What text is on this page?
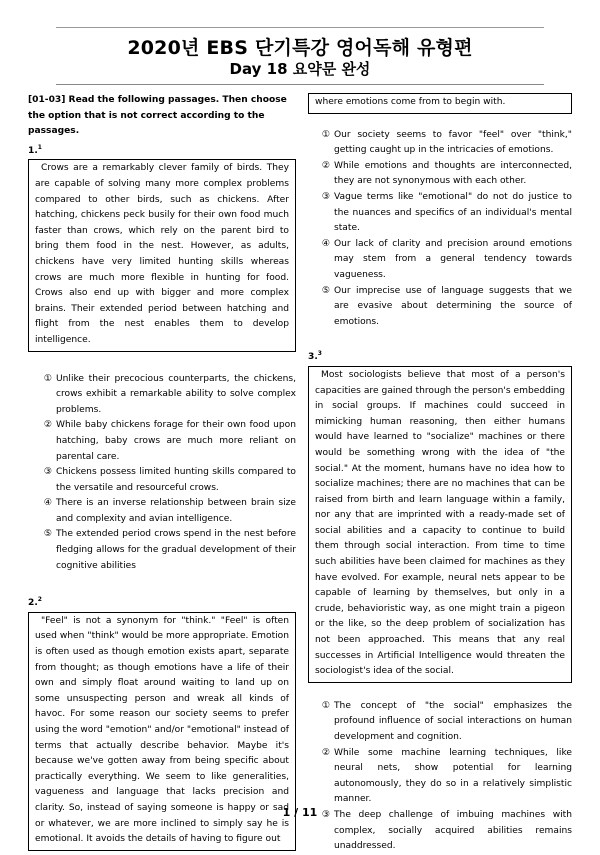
2020년 EBS 단기특강 영어독해 유형편
Day 18 요약문 완성
[01-03] Read the following passages. Then choose the option that is not correct according to the passages.
1.$^1$
Crows are a remarkably clever family of birds. They are capable of solving many more complex problems compared to other birds, such as chickens. After hatching, chickens peck busily for their own food much faster than crows, which rely on the parent bird to bring them food in the nest. However, as adults, chickens have very limited hunting skills whereas crows are much more flexible in hunting for food. Crows also end up with bigger and more complex brains. Their extended period between hatching and flight from the nest enables them to develop intelligence.
① Unlike their precocious counterparts, the chickens, crows exhibit a remarkable ability to solve complex problems.
② While baby chickens forage for their own food upon hatching, baby crows are much more reliant on parental care.
③ Chickens possess limited hunting skills compared to the versatile and resourceful crows.
④ There is an inverse relationship between brain size and complexity and avian intelligence.
⑤ The extended period crows spend in the nest before fledging allows for the gradual development of their cognitive abilities
2.$^2$
"Feel" is not a synonym for "think." "Feel" is often used when "think" would be more appropriate. Emotion is often used as though emotion exists apart, separate from thought; as though emotions have a life of their own and simply float around waiting to land up on some unsuspecting person and wreak all kinds of havoc. For some reason our society seems to prefer using the word "emotion" and/or "emotional" instead of terms that actually describe behavior. Maybe it's because we've gotten away from being specific about practically everything. We seem to like generalities, vagueness and language that lacks precision and clarity. So, instead of saying someone is happy or sad or whatever, we are more inclined to simply say he is emotional. It avoids the details of having to figure out
where emotions come from to begin with.
① Our society seems to favor "feel" over "think," getting caught up in the intricacies of emotions.
② While emotions and thoughts are interconnected, they are not synonymous with each other.
③ Vague terms like "emotional" do not do justice to the nuances and specifics of an individual's mental state.
④ Our lack of clarity and precision around emotions may stem from a general tendency towards vagueness.
⑤ Our imprecise use of language suggests that we are evasive about determining the source of emotions.
3.$^3$
Most sociologists believe that most of a person's capacities are gained through the person's embedding in social groups. If machines could succeed in mimicking human reasoning, then either humans would have learned to "socialize" machines or there would be something wrong with the idea of "the social." At the moment, humans have no idea how to socialize machines; there are no machines that can be raised from birth and learn language within a family, nor any that are imprinted with a ready-made set of social abilities and a capacity to continue to build them through social interaction. From time to time such abilities have been claimed for machines as they have evolved. For example, neural nets appear to be capable of learning by themselves, but only in a crude, behavioristic way, as one might train a pigeon or the like, so the deep problem of socialization has not been approached. This means that any real successes in Artificial Intelligence would threaten the sociologist's idea of the social.
① The concept of "the social" emphasizes the profound influence of social interactions on human development and cognition.
② While some machine learning techniques, like neural nets, show potential for learning autonomously, they do so in a relatively simplistic manner.
③ The deep challenge of imbuing machines with complex, socially acquired abilities remains unaddressed.
1 / 11
